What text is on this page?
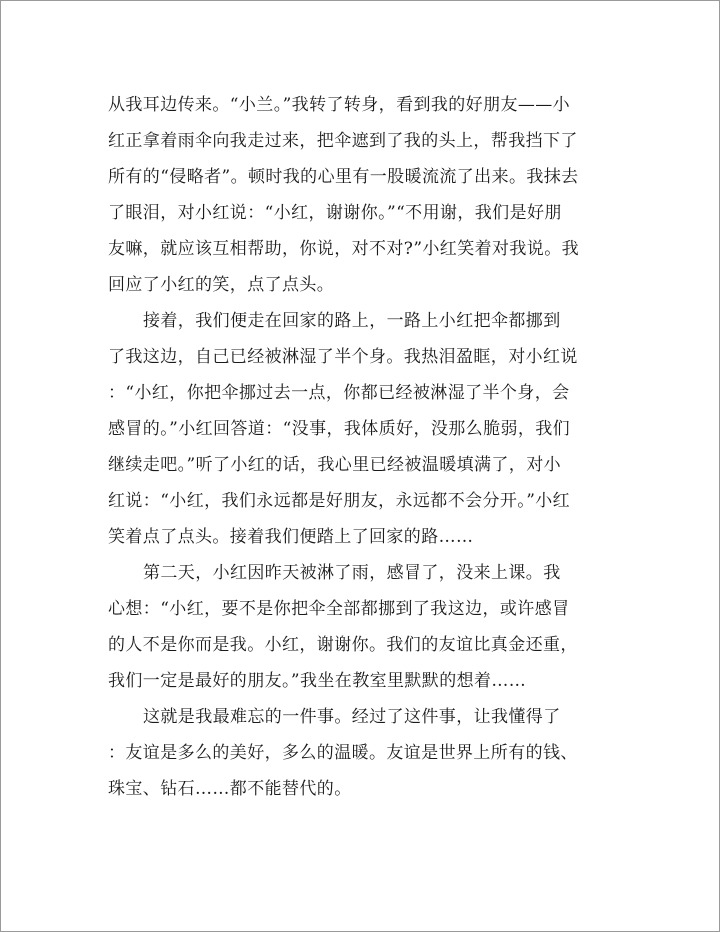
从我耳边传来。“小兰。”我转了转身，看到我的好朋友——小
红正拿着雨伞向我走过来，把伞遮到了我的头上，帮我挡下了
所有的“侵略者”。顿时我的心里有一股暖流流了出来。我抹去
了眼泪，对小红说：“小红，谢谢你。”“不用谢，我们是好朋
友嘛，就应该互相帮助，你说，对不对?”小红笑着对我说。我
回应了小红的笑，点了点头。
接着，我们便走在回家的路上，一路上小红把伞都挪到
了我这边，自己已经被淋湿了半个身。我热泪盈眶，对小红说
：“小红，你把伞挪过去一点，你都已经被淋湿了半个身，会
感冒的。”小红回答道：“没事，我体质好，没那么脆弱，我们
继续走吧。”听了小红的话，我心里已经被温暖填满了，对小
红说：“小红，我们永远都是好朋友，永远都不会分开。”小红
笑着点了点头。接着我们便踏上了回家的路……
第二天，小红因昨天被淋了雨，感冒了，没来上课。我
心想：“小红，要不是你把伞全部都挪到了我这边，或许感冒
的人不是你而是我。小红，谢谢你。我们的友谊比真金还重，
我们一定是最好的朋友。”我坐在教室里默默的想着……
这就是我最难忘的一件事。经过了这件事，让我懂得了
：友谊是多么的美好，多么的温暖。友谊是世界上所有的钱、
珠宝、钻石……都不能替代的。
